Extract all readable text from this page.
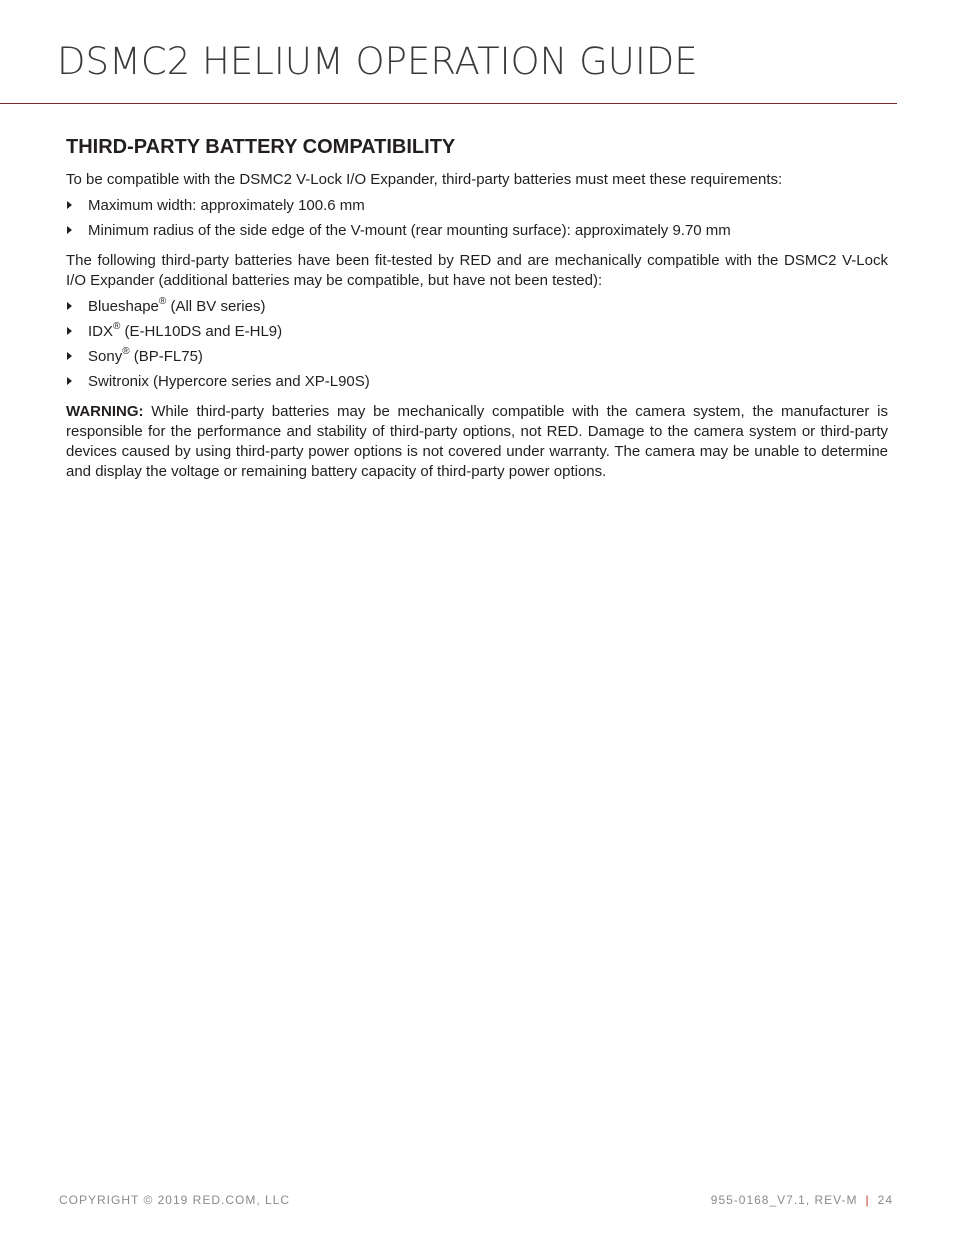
DSMC2 HELIUM OPERATION GUIDE
THIRD-PARTY BATTERY COMPATIBILITY

To be compatible with the DSMC2 V-Lock I/O Expander, third-party batteries must meet these requirements:

Maximum width: approximately 100.6 mm
Minimum radius of the side edge of the V-mount (rear mounting surface): approximately 9.70 mm

The following third-party batteries have been fit-tested by RED and are mechanically compatible with the DSMC2 V-Lock I/O Expander (additional batteries may be compatible, but have not been tested):

Blueshape® (All BV series)
IDX® (E-HL10DS and E-HL9)
Sony® (BP-FL75)
Switronix (Hypercore series and XP-L90S)

WARNING: While third-party batteries may be mechanically compatible with the camera system, the manufacturer is responsible for the performance and stability of third-party options, not RED. Damage to the camera system or third-party devices caused by using third-party power options is not covered under warranty. The camera may be unable to determine and display the voltage or remaining battery capacity of third-party power options.

COPYRIGHT © 2019 RED.COM, LLC	955-0168_V7.1, REV-M | 24
